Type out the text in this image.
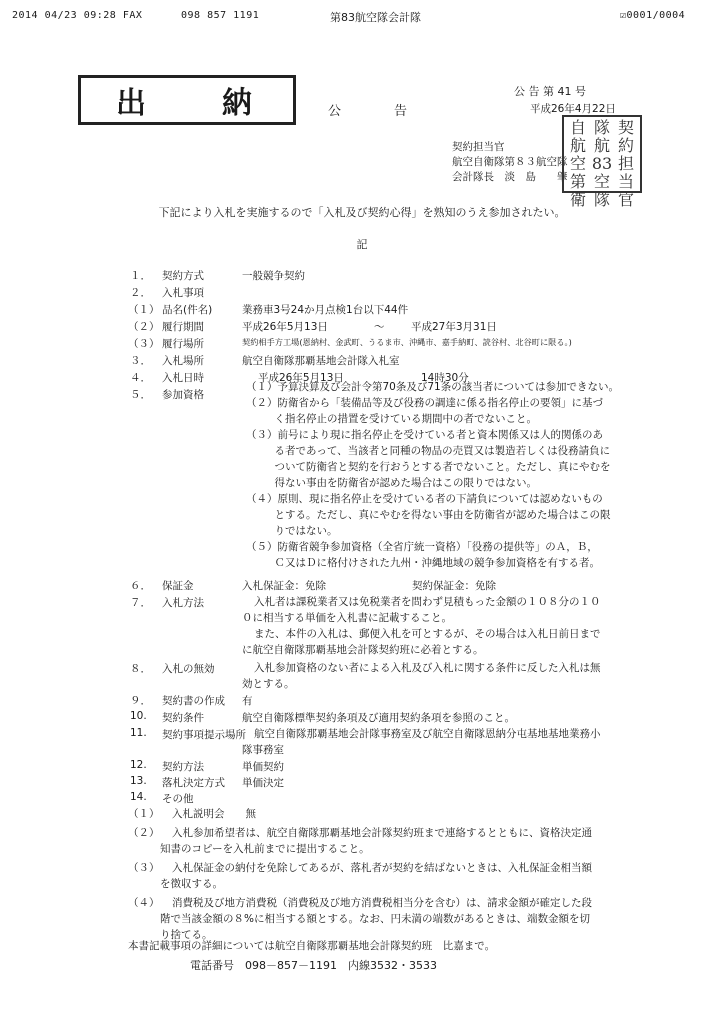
2014 04/23 09:28 FAX	098 857 1191	第83航空隊会計隊	☑0001/0004
出 納	公　告
公 告 第 41 号
平成26年4月22日
契約担当官
航空自衛隊第８３航空隊
会計隊長　淡　島　　肇
自 隊 契
航 航 約
空 83 担
第 空 当
衛 隊 官
下記により入札を実施するので「入札及び契約心得」を熟知のうえ参加されたい。
記
１． 契約方式	一般競争契約
２． 入札事項
（１） 品名(件名)	業務車3号24か月点検1台以下44件
（２） 履行期間	平成26年5月13日	～	平成27年3月31日
（３） 履行場所	契約相手方工場(恩納村、金武町、うるま市、沖縄市、嘉手納町、読谷村、北谷町に限る。)
３． 入札場所	航空自衛隊那覇基地会計隊入札室
４． 入札日時	平成26年5月13日	14時30分
５． 参加資格
（１）予算決算及び会計令第70条及び71条の該当者については参加できない。
（２）防衛省から「装備品等及び役務の調達に係る指名停止の要領」に基づ
　く指名停止の措置を受けている期間中の者でないこと。
（３）前号により現に指名停止を受けている者と資本関係又は人的関係のあ
　る者であって、当該者と同種の物品の売買又は製造若しくは役務請負に
　ついて防衛省と契約を行おうとする者でないこと。ただし、真にやむを
　得ない事由を防衛省が認めた場合はこの限りではない。
（４）原則、現に指名停止を受けている者の下請負については認めないもの
　とする。ただし、真にやむを得ない事由を防衛省が認めた場合はこの限
　りではない。
（５）防衛省競争参加資格（全省庁統一資格）「役務の提供等」のＡ，Ｂ，
　Ｃ又はＤに格付けされた九州・沖縄地域の競争参加資格を有する者。
６． 保証金	入札保証金：免除	契約保証金：免除
７． 入札方法	入札者は課税業者又は免税業者を問わず見積もった金額の１０８分の１０
０に相当する単価を入札書に記載すること。
また、本件の入札は、郵便入札を可とするが、その場合は入札日前日まで
に航空自衛隊那覇基地会計隊契約班に必着とする。
８． 入札の無効	入札参加資格のない者による入札及び入札に関する条件に反した入札は無
効とする。
９． 契約書の作成 有
10. 契約条件	航空自衛隊標準契約条項及び適用契約条項を参照のこと。
11. 契約事項提示場所 航空自衛隊那覇基地会計隊事務室及び航空自衛隊恩納分屯基地基地業務小
隊事務室
12. 契約方法	単価契約
13. 落札決定方式 単価決定
14. その他
（１） 入札説明会　　無
（２） 入札参加希望者は、航空自衛隊那覇基地会計隊契約班まで連絡するとともに、資格決定通
知書のコピーを入札前までに提出すること。
（３） 入札保証金の納付を免除してあるが、落札者が契約を結ばないときは、入札保証金相当額
を徴収する。
（４） 消費税及び地方消費税（消費税及び地方消費税相当分を含む）は、請求金額が確定した段
階で当該金額の８%に相当する額とする。なお、円未満の端数があるときは、端数金額を切
り捨てる。
本書記載事項の詳細については航空自衛隊那覇基地会計隊契約班　比嘉まで。
電話番号　098－857－1191　内線3532・3533
